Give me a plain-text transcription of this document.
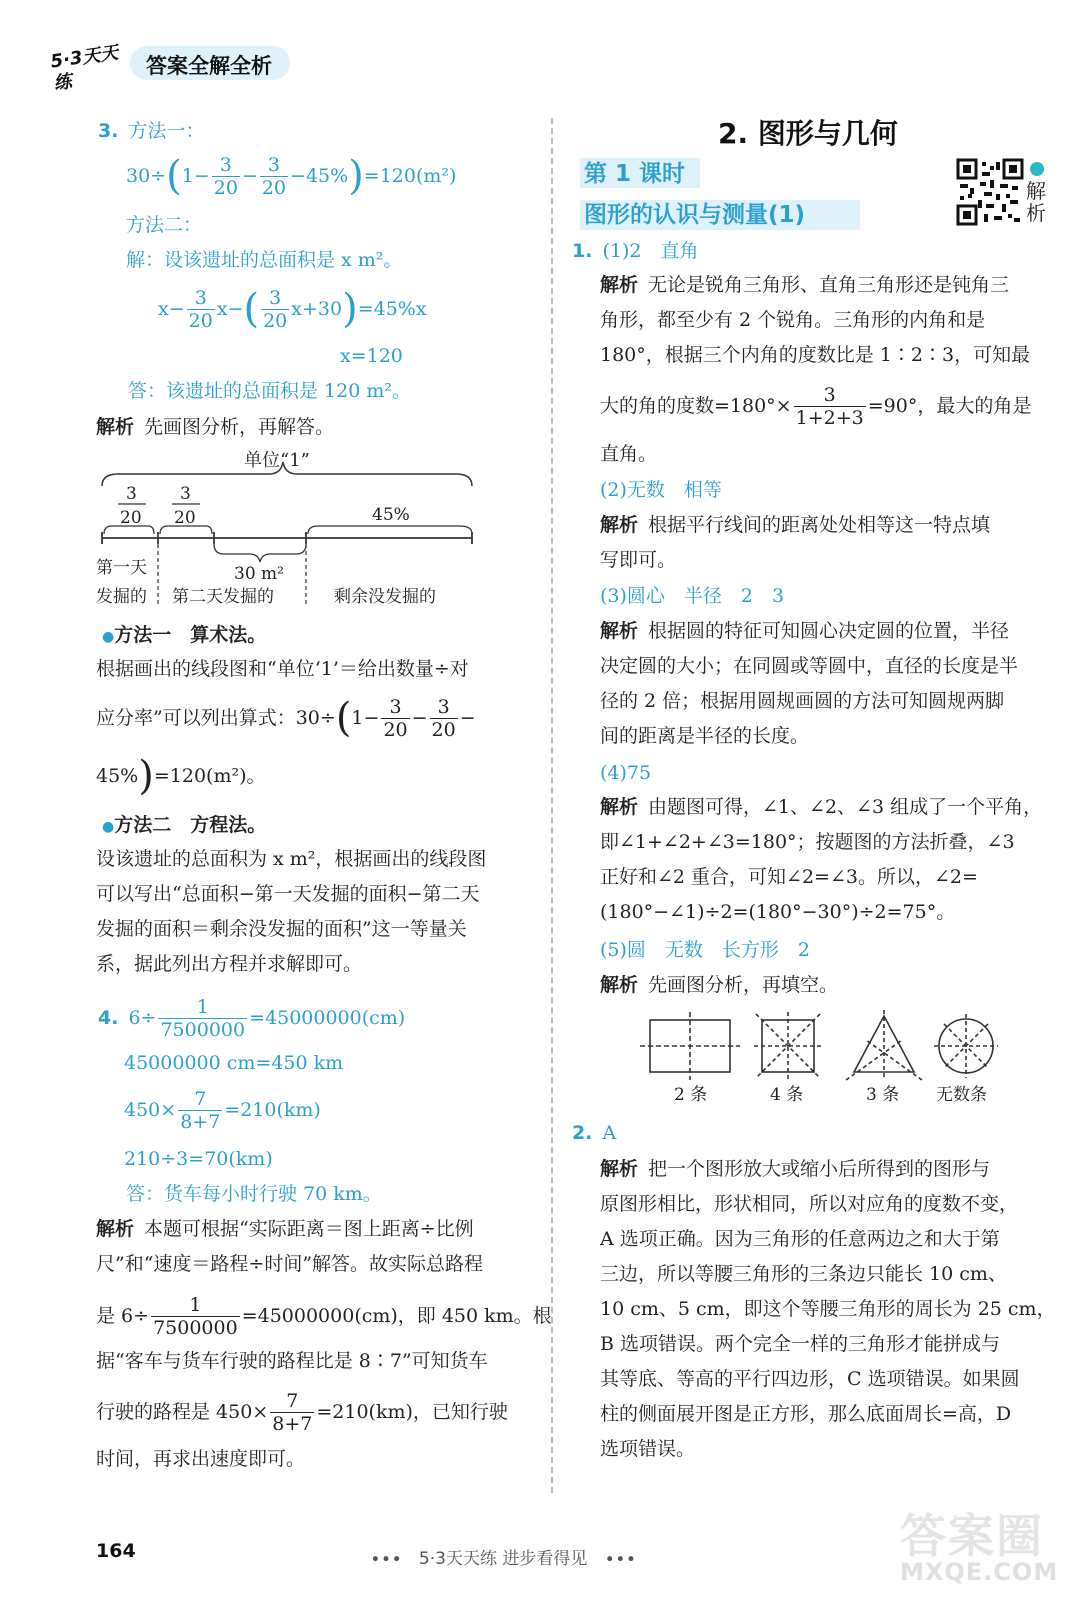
5·3天天练
答案全解全析
3. 方法一：
30÷ ( $1- \frac{3}{20} - \frac{3}{20} -45\%$ ) =120(m²)
方法二：
解：设该遗址的总面积是 x m²。
$x- \frac{3}{20} x-$ ( $\frac{3}{20} x+30$ ) =45%x
x=120
答：该遗址的总面积是 120 m²。
解析 先画图分析，再解答。
单位“1”
3
20
3
20	45%
30 m²
第一天
发掘的 第二天发掘的	剩余没发掘的
●方法一　算术法。
根据画出的线段图和“单位‘1’＝给出数量÷对
应分率”可以列出算式：30÷ ( $1- \frac{3}{20} - \frac{3}{20}$ −
45% ) =120(m²)。
●方法二　方程法。
设该遗址的总面积为 x m²，根据画出的线段图
可以写出“总面积−第一天发掘的面积−第二天
发掘的面积＝剩余没发掘的面积”这一等量关
系，据此列出方程并求解即可。
4. $6\div \frac{1}{7500000} =45000000(cm)$
45000000 cm=450 km
$450\times \frac{7}{8+7} =210(km)$
210÷3=70(km)
答：货车每小时行驶 70 km。
解析 本题可根据“实际距离＝图上距离÷比例
尺”和“速度＝路程÷时间”解答。故实际总路程
是 $6\div \frac{1}{7500000} =45000000(cm)$，即 450 km。根
据“客车与货车行驶的路程比是 8∶7”可知货车
行驶的路程是 $450\times \frac{7}{8+7} =210(km)$，已知行驶
时间，再求出速度即可。
2. 图形与几何
第 1 课时
图形的认识与测量(1)
解析
1. (1)2　直角
解析 无论是锐角三角形、直角三角形还是钝角三
角形，都至少有 2 个锐角。三角形的内角和是
180°，根据三个内角的度数比是 1∶2∶3，可知最
大的角的度数$=180^\circ\times \frac{3}{1+2+3} =90^\circ$，最大的角是
直角。
(2)无数　相等
解析 根据平行线间的距离处处相等这一特点填
写即可。
(3)圆心　半径　2　3
解析 根据圆的特征可知圆心决定圆的位置，半径
决定圆的大小；在同圆或等圆中，直径的长度是半
径的 2 倍；根据用圆规画圆的方法可知圆规两脚
间的距离是半径的长度。
(4)75
解析 由题图可得，∠1、∠2、∠3 组成了一个平角，
即∠1+∠2+∠3=180°；按题图的方法折叠，∠3
正好和∠2 重合，可知∠2=∠3。所以，∠2=
(180°−∠1)÷2=(180°−30°)÷2=75°。
(5)圆　无数　长方形　2
解析 先画图分析，再填空。
2 条	4 条	3 条 无数条
2. A
解析 把一个图形放大或缩小后所得到的图形与
原图形相比，形状相同，所以对应角的度数不变，
A 选项正确。因为三角形的任意两边之和大于第
三边，所以等腰三角形的三条边只能长 10 cm、
10 cm、5 cm，即这个等腰三角形的周长为 25 cm，
B 选项错误。两个完全一样的三角形才能拼成与
其等底、等高的平行四边形，C 选项错误。如果圆
柱的侧面展开图是正方形，那么底面周长=高，D
选项错误。
164	∙∙∙　5·3天天练 进步看得见　∙∙∙	答案圈
MXQE.COM
